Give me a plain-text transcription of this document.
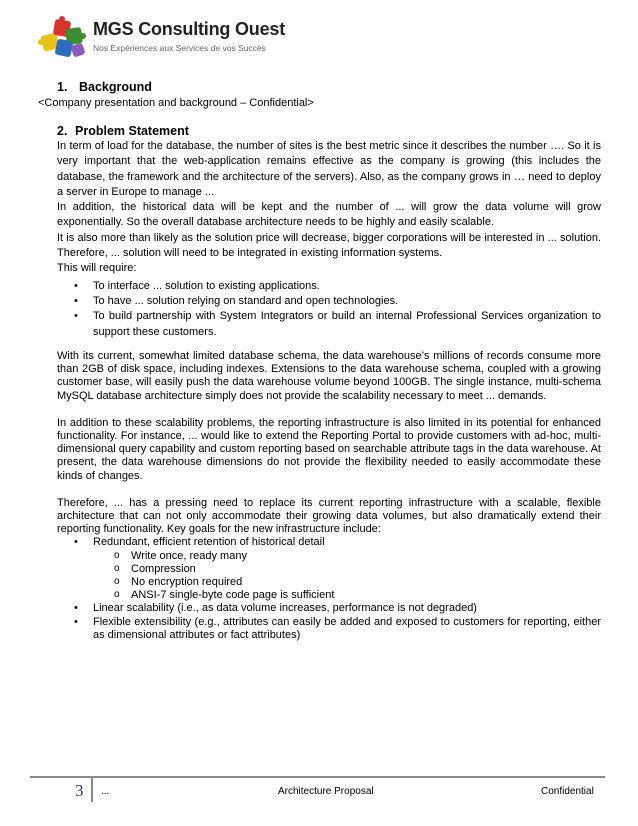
MGS Consulting Ouest
Nos Expériences aux Services de vos Succès
1. Background
<Company presentation and background – Confidential>
2. Problem Statement

In term of load for the database, the number of sites is the best metric since it describes the number …. So it is very important that the web-application remains effective as the company is growing (this includes the database, the framework and the architecture of the servers). Also, as the company grows in … need to deploy a server in Europe to manage ...

In addition, the historical data will be kept and the number of ... will grow the data volume will grow exponentially. So the overall database architecture needs to be highly and easily scalable.

It is also more than likely as the solution price will decrease, bigger corporations will be interested in ... solution. Therefore, ... solution will need to be integrated in existing information systems.

This will require:

• To interface ... solution to existing applications.
• To have ... solution relying on standard and open technologies.
• To build partnership with System Integrators or build an internal Professional Services organization to support these customers.

With its current, somewhat limited database schema, the data warehouse’s millions of records consume more than 2GB of disk space, including indexes. Extensions to the data warehouse schema, coupled with a growing customer base, will easily push the data warehouse volume beyond 100GB. The single instance, multi-schema MySQL database architecture simply does not provide the scalability necessary to meet ... demands.

In addition to these scalability problems, the reporting infrastructure is also limited in its potential for enhanced functionality. For instance, ... would like to extend the Reporting Portal to provide customers with ad-hoc, multi-dimensional query capability and custom reporting based on searchable attribute tags in the data warehouse. At present, the data warehouse dimensions do not provide the flexibility needed to easily accommodate these kinds of changes.

Therefore, ... has a pressing need to replace its current reporting infrastructure with a scalable, flexible architecture that can not only accommodate their growing data volumes, but also dramatically extend their reporting functionality. Key goals for the new infrastructure include:

• Redundant, efficient retention of historical detail
o Write once, ready many
o Compression
o No encryption required
o ANSI-7 single-byte code page is sufficient
• Linear scalability (i.e., as data volume increases, performance is not degraded)
• Flexible extensibility (e.g., attributes can easily be added and exposed to customers for reporting, either as dimensional attributes or fact attributes)
3 ...	Architecture Proposal	Confidential
